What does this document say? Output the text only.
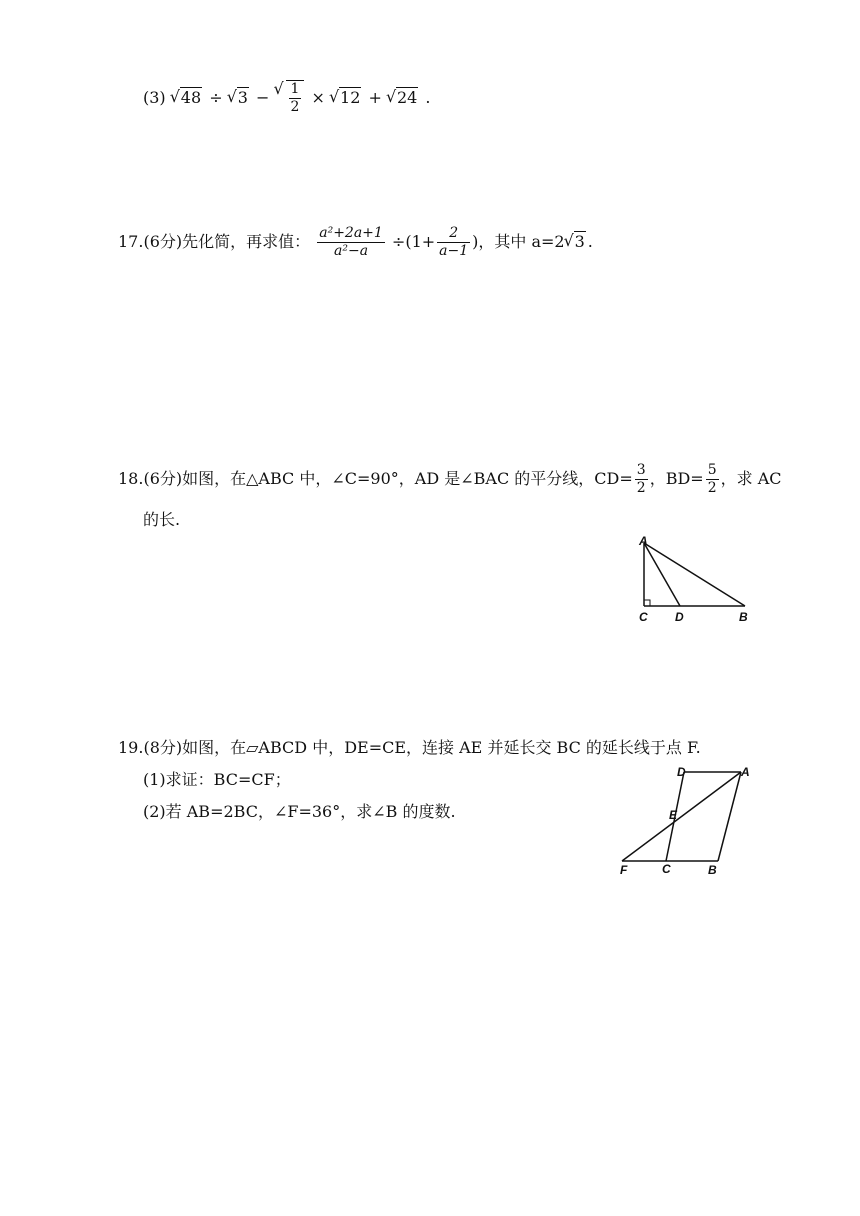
(3) √ 48 ÷ √ 3 − √ $\frac{1}{2}$ × √ 12 + √ 24 .
17.(6分)先化简，再求值： $\frac{\text{a²+2a+1}}{\text{a²−a}} \div(1+ \frac{2}{a-1}$ )，其中 a=2 √ 3 .
18.(6分)如图，在△ABC 中，∠C=90°，AD 是∠BAC 的平分线，$CD= \frac{3}{2}$ ，$BD= \frac{5}{2}$ ，求 AC
的长.
A
C D	B
19.(8分)如图，在▱ABCD 中，DE=CE，连接 AE 并延长交 BC 的延长线于点 F.
(1)求证：BC=CF；
(2)若 AB=2BC，∠F=36°，求∠B 的度数.
D	A
E
F	C	B
